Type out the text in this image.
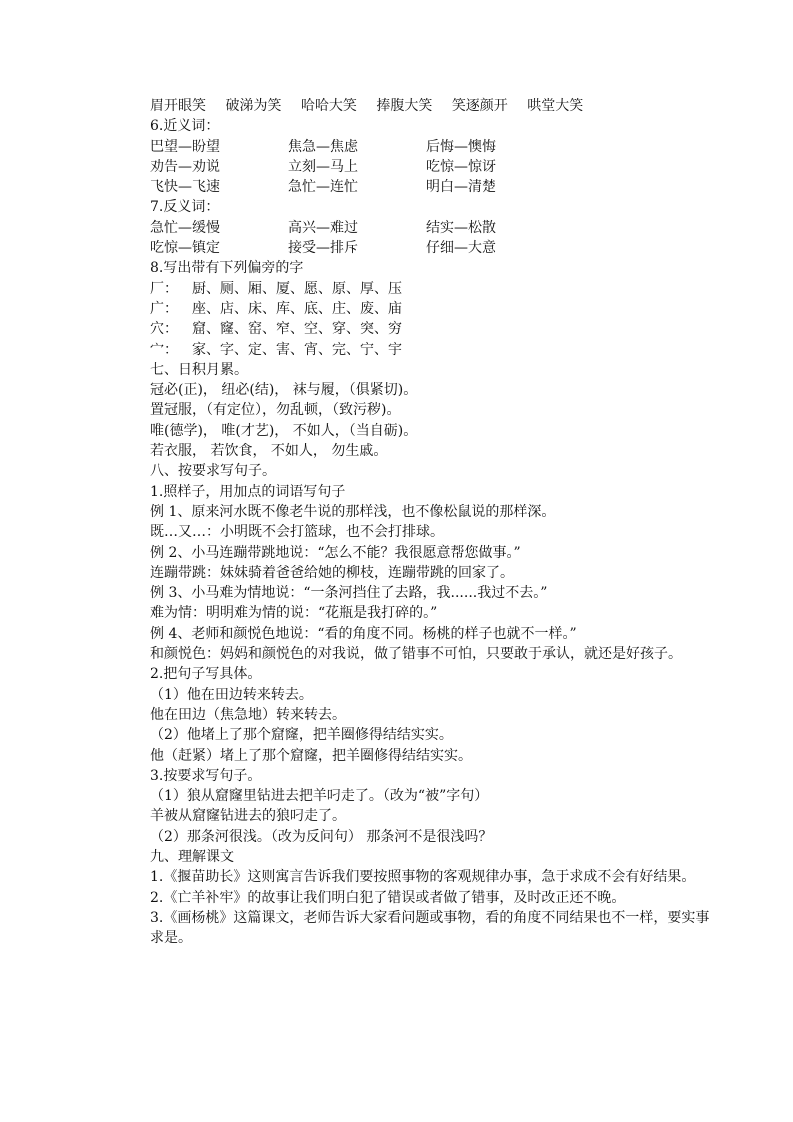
眉开眼笑 破涕为笑 哈哈大笑 捧腹大笑 笑逐颜开 哄堂大笑
6.近义词：
巴望—盼望	焦急—焦虑	后悔—懊悔
劝告—劝说	立刻—马上	吃惊—惊讶
飞快—飞速	急忙—连忙	明白—清楚
7.反义词：
急忙—缓慢	高兴—难过	结实—松散
吃惊—镇定	接受—排斥	仔细—大意
8.写出带有下列偏旁的字
厂：	厨、厕、厢、厦、愿、原、厚、压
广：	座、店、床、库、底、庄、废、庙
穴：	窟、窿、窑、窄、空、穿、突、穷
宀：	家、字、定、害、宵、完、宁、宇
七、日积月累。
冠必(正)， 纽必(结)， 袜与履，（俱紧切)。
置冠服，（有定位），勿乱顿，（致污秽)。
唯(德学)， 唯(才艺)， 不如人，（当自砺)。
若衣服， 若饮食， 不如人， 勿生戚。
八、按要求写句子。
1.照样子，用加点的词语写句子
例 1、原来河水既不像老牛说的那样浅，也不像松鼠说的那样深。
既…又…：小明既不会打篮球，也不会打排球。
例 2、小马连蹦带跳地说：“怎么不能？我很愿意帮您做事。”
连蹦带跳：妹妹骑着爸爸给她的柳枝，连蹦带跳的回家了。
例 3、小马难为情地说：“一条河挡住了去路，我......我过不去。”
难为情：明明难为情的说：“花瓶是我打碎的。”
例 4、老师和颜悦色地说：“看的角度不同。杨桃的样子也就不一样。”
和颜悦色：妈妈和颜悦色的对我说，做了错事不可怕，只要敢于承认，就还是好孩子。
2.把句子写具体。
（1）他在田边转来转去。
他在田边（焦急地）转来转去。
（2）他堵上了那个窟窿，把羊圈修得结结实实。
他（赶紧）堵上了那个窟窿，把羊圈修得结结实实。
3.按要求写句子。
（1）狼从窟窿里钻进去把羊叼走了。（改为“被”字句）
羊被从窟窿钻进去的狼叼走了。
（2）那条河很浅。（改为反问句） 那条河不是很浅吗？
九、理解课文
1.《揠苗助长》这则寓言告诉我们要按照事物的客观规律办事，急于求成不会有好结果。
2.《亡羊补牢》的故事让我们明白犯了错误或者做了错事，及时改正还不晚。
3.《画杨桃》这篇课文，老师告诉大家看问题或事物，看的角度不同结果也不一样，要实事求是。
